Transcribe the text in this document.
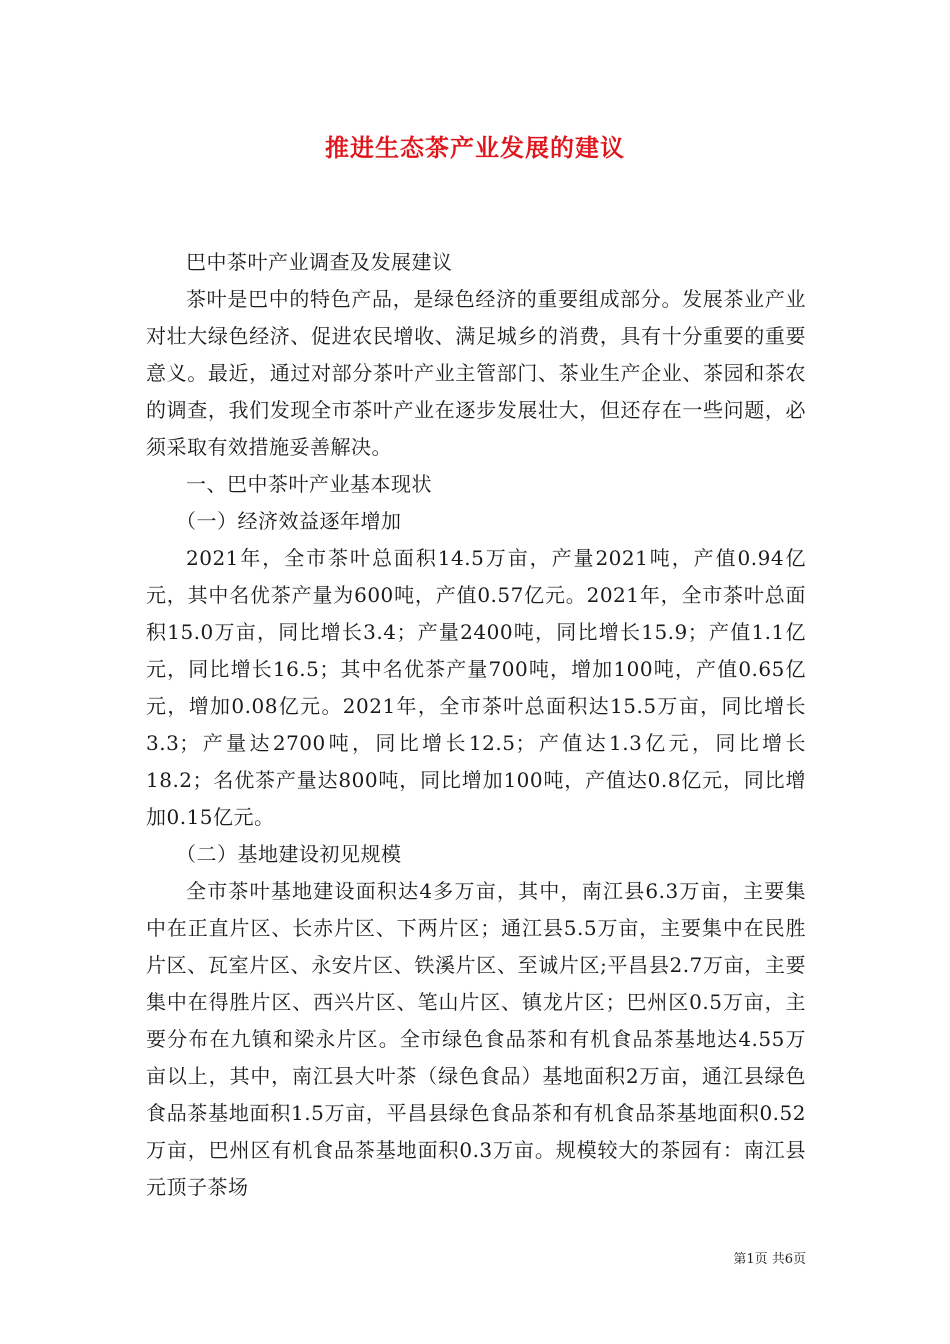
推进生态茶产业发展的建议

巴中茶叶产业调查及发展建议

茶叶是巴中的特色产品，是绿色经济的重要组成部分。发展茶业产业对壮大绿色经济、促进农民增收、满足城乡的消费，具有十分重要的重要意义。最近，通过对部分茶叶产业主管部门、茶业生产企业、茶园和茶农的调查，我们发现全市茶叶产业在逐步发展壮大，但还存在一些问题，必须采取有效措施妥善解决。

一、巴中茶叶产业基本现状

（一）经济效益逐年增加

2021年，全市茶叶总面积14.5万亩，产量2021吨，产值0.94亿元，其中名优茶产量为600吨，产值0.57亿元。2021年，全市茶叶总面积15.0万亩，同比增长3.4；产量2400吨，同比增长15.9；产值1.1亿元，同比增长16.5；其中名优茶产量700吨，增加100吨，产值0.65亿元，增加0.08亿元。2021年，全市茶叶总面积达15.5万亩，同比增长3.3；产量达2700吨，同比增长12.5；产值达1.3亿元，同比增长18.2；名优茶产量达800吨，同比增加100吨，产值达0.8亿元，同比增加0.15亿元。

（二）基地建设初见规模

全市茶叶基地建设面积达4多万亩，其中，南江县6.3万亩，主要集中在正直片区、长赤片区、下两片区；通江县5.5万亩，主要集中在民胜片区、瓦室片区、永安片区、铁溪片区、至诚片区;平昌县2.7万亩，主要集中在得胜片区、西兴片区、笔山片区、镇龙片区；巴州区0.5万亩，主要分布在九镇和梁永片区。全市绿色食品茶和有机食品茶基地达4.55万亩以上，其中，南江县大叶茶（绿色食品）基地面积2万亩，通江县绿色食品茶基地面积1.5万亩，平昌县绿色食品茶和有机食品茶基地面积0.52万亩，巴州区有机食品茶基地面积0.3万亩。规模较大的茶园有：南江县元顶子茶场

第1页 共6页
